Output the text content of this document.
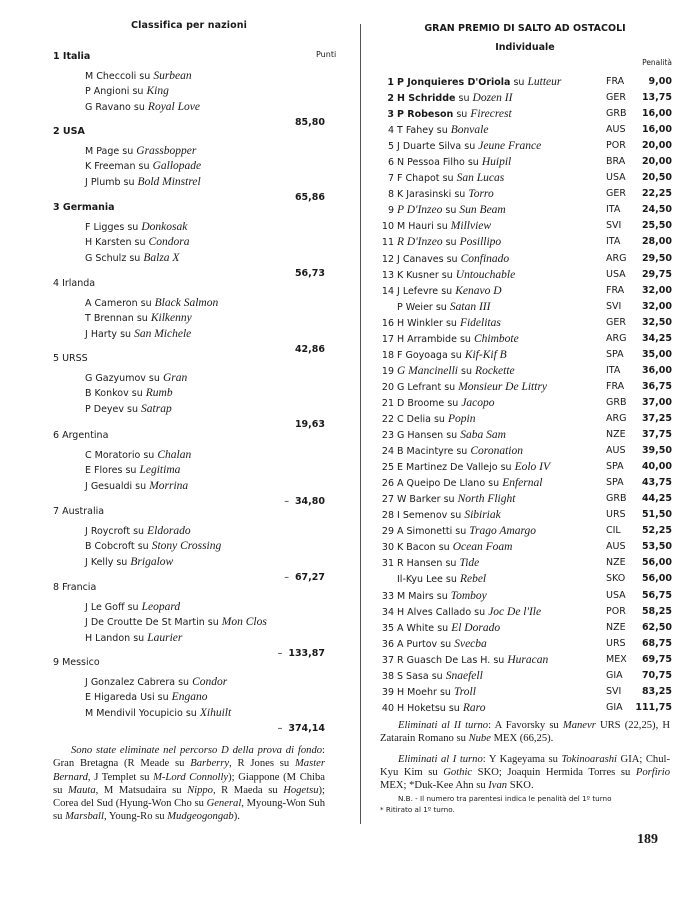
Classifica per nazioni
Punti
1 Italia
M Checcoli su Surbean
P Angioni su King
G Ravano su Royal Love
85,80
2 USA
M Page su Grassbopper
K Freeman su Gallopade
J Plumb su Bold Minstrel
65,86
3 Germania
F Ligges su Donkosak
H Karsten su Condora
G Schulz su Balza X
56,73
4 Irlanda
A Cameron su Black Salmon
T Brennan su Kilkenny
J Harty su San Michele
42,86
5 URSS
G Gazyumov su Gran
B Konkov su Rumb
P Deyev su Satrap
19,63
6 Argentina
C Moratorio su Chalan
E Flores su Legitima
J Gesualdi su Morrina
– 34,80
7 Australia
J Roycroft su Eldorado
B Cobcroft su Stony Crossing
J Kelly su Brigalow
– 67,27
8 Francia
J Le Goff su Leopard
J De Croutte De St Martin su Mon Clos
H Landon su Laurier
– 133,87
9 Messico
J Gonzalez Cabrera su Condor
E Higareda Usi su Engano
M Mendivil Yocupicio su Xihuilt
– 374,14
Sono state eliminate nel percorso D della prova di fondo: Gran Bretagna (R Meade su Barberry, R Jones su Master Bernard, J Templet su M-Lord Connolly); Giappone (M Chiba su Mauta, M Matsudaira su Nippo, R Maeda su Hogetsu); Corea del Sud (Hyung-Won Cho su General, Myoung-Won Suh su Marsball, Young-Ro su Mudgeogongab).
GRAN PREMIO DI SALTO AD OSTACOLI
Individuale
Penalità
1 P Jonquieres D'Oriola su Lutteur	FRA	9,00
2 H Schridde su Dozen II	GER	13,75
3 P Robeson su Firecrest	GRB	16,00
4 T Fahey su Bonvale	AUS	16,00
5 J Duarte Silva su Jeune France	POR	20,00
6 N Pessoa Filho su Huipil	BRA	20,00
7 F Chapot su San Lucas	USA	20,50
8 K Jarasinski su Torro	GER	22,25
9 P D'Inzeo su Sun Beam	ITA	24,50
10 M Hauri su Millview	SVI	25,50
11 R D'Inzeo su Posillipo	ITA	28,00
12 J Canaves su Confinado	ARG	29,50
13 K Kusner su Untouchable	USA	29,75
14 J Lefevre su Kenavo D	FRA	32,00
P Weier su Satan III	SVI	32,00
16 H Winkler su Fidelitas	GER	32,50
17 H Arrambide su Chimbote	ARG	34,25
18 F Goyoaga su Kif-Kif B	SPA	35,00
19 G Mancinelli su Rockette	ITA	36,00
20 G Lefrant su Monsieur De Littry	FRA	36,75
21 D Broome su Jacopo	GRB	37,00
22 C Delia su Popin	ARG	37,25
23 G Hansen su Saba Sam	NZE	37,75
24 B Macintyre su Coronation	AUS	39,50
25 E Martinez De Vallejo su Eolo IV	SPA	40,00
26 A Queipo De Llano su Enfernal	SPA	43,75
27 W Barker su North Flight	GRB	44,25
28 I Semenov su Sibiriak	URS	51,50
29 A Simonetti su Trago Amargo	CIL	52,25
30 K Bacon su Ocean Foam	AUS	53,50
31 R Hansen su Tide	NZE	56,00
Il-Kyu Lee su Rebel	SKO	56,00
33 M Mairs su Tomboy	USA	56,75
34 H Alves Callado su Joc De l'Ile	POR	58,25
35 A White su El Dorado	NZE	62,50
36 A Purtov su Svecba	URS	68,75
37 R Guasch De Las H. su Huracan	MEX	69,75
38 S Sasa su Snaefell	GIA	70,75
39 H Moehr su Troll	SVI	83,25
40 H Hoketsu su Raro	GIA	111,75

Eliminati al II turno: A Favorsky su Manevr URS (22,25), H Zatarain Romano su Nube MEX (66,25).

Eliminati al I turno: Y Kageyama su Tokinoarashi GIA; Chul-Kyu Kim su Gothic SKO; Joaquin Hermida Torres su Porfirio MEX; *Duk-Kee Ahn su Ivan SKO.

N.B. - Il numero tra parentesi indica le penalità del 1º turno
* Ritirato al 1º turno.
189
